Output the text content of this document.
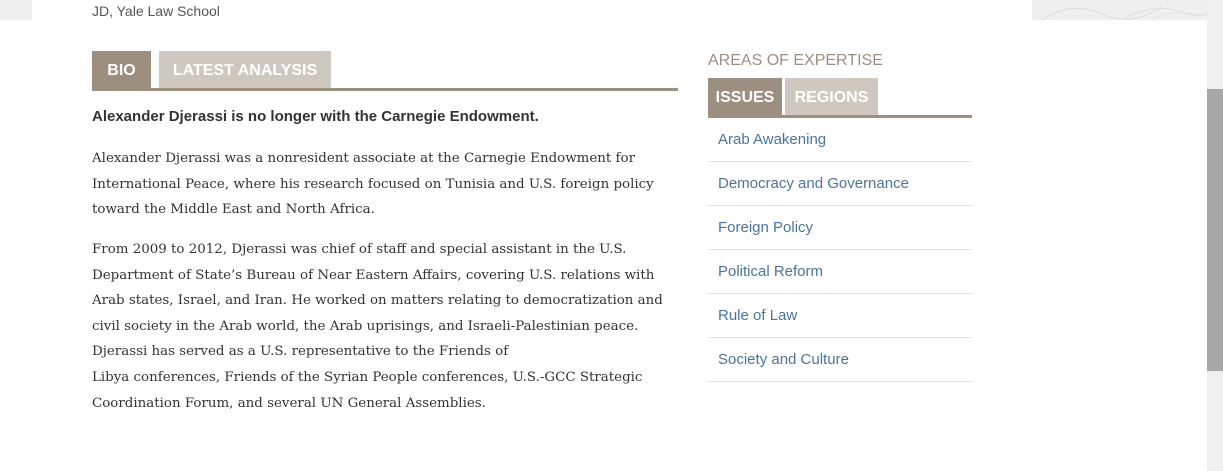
JD, Yale Law School
BIO	LATEST ANALYSIS
Alexander Djerassi is no longer with the Carnegie Endowment.

Alexander Djerassi was a nonresident associate at the Carnegie Endowment for
International Peace, where his research focused on Tunisia and U.S. foreign policy
toward the Middle East and North Africa.

From 2009 to 2012, Djerassi was chief of staff and special assistant in the U.S.
Department of State’s Bureau of Near Eastern Affairs, covering U.S. relations with
Arab states, Israel, and Iran. He worked on matters relating to democratization and
civil society in the Arab world, the Arab uprisings, and Israeli-Palestinian peace.
Djerassi has served as a U.S. representative to the Friends of
Libya conferences, Friends of the Syrian People conferences, U.S.-GCC Strategic
Coordination Forum, and several UN General Assemblies.

AREAS OF EXPERTISE
ISSUES	REGIONS
Arab Awakening
Democracy and Governance
Foreign Policy
Political Reform
Rule of Law
Society and Culture
